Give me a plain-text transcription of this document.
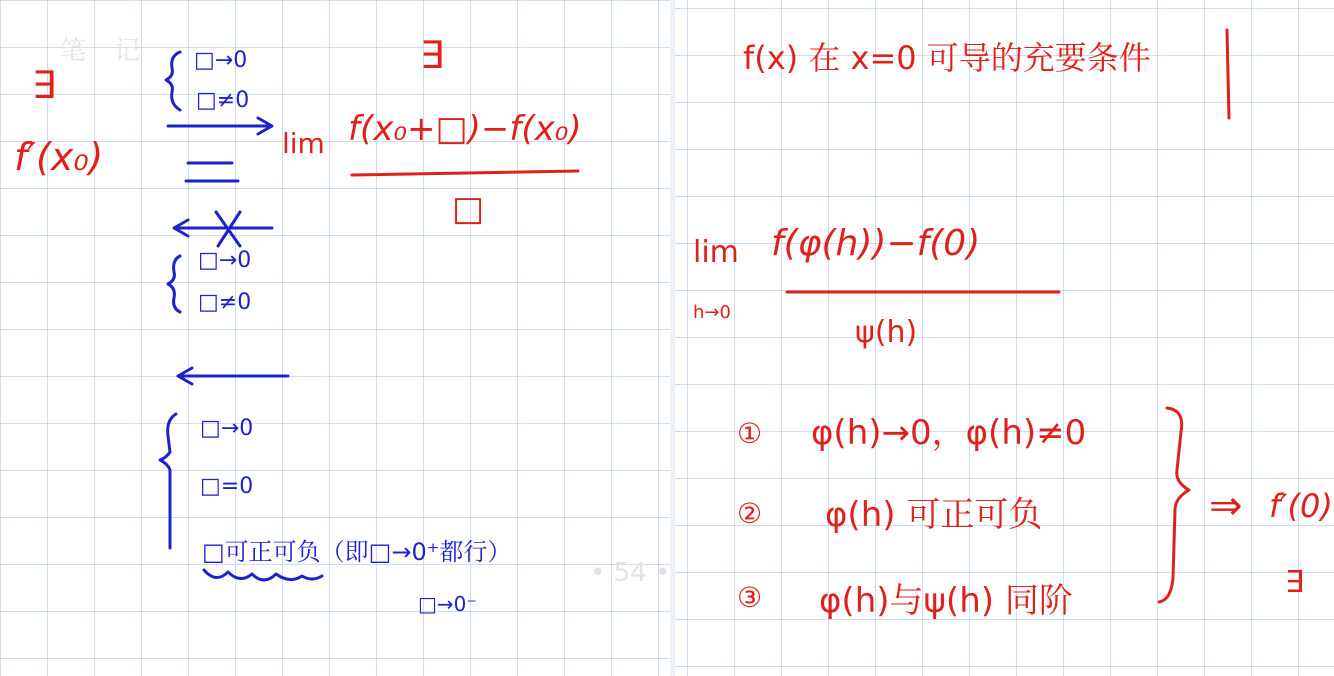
笔 记
∃
f′(x₀)
∃
□→0
□≠0
lim f(x₀+□)−f(x₀)
□
□→0
□≠0
□→0
□=0
□可正可负（即□→0⁺都行）
□→0⁻
• 54 •
f(x) 在 x=0 可导的充要条件
lim
h→0
f(φ(h))−f(0)
ψ(h)
① φ(h)→0，φ(h)≠0
② φ(h) 可正可负
③ φ(h)与ψ(h) 同阶
⇒ f′(0)
∃
